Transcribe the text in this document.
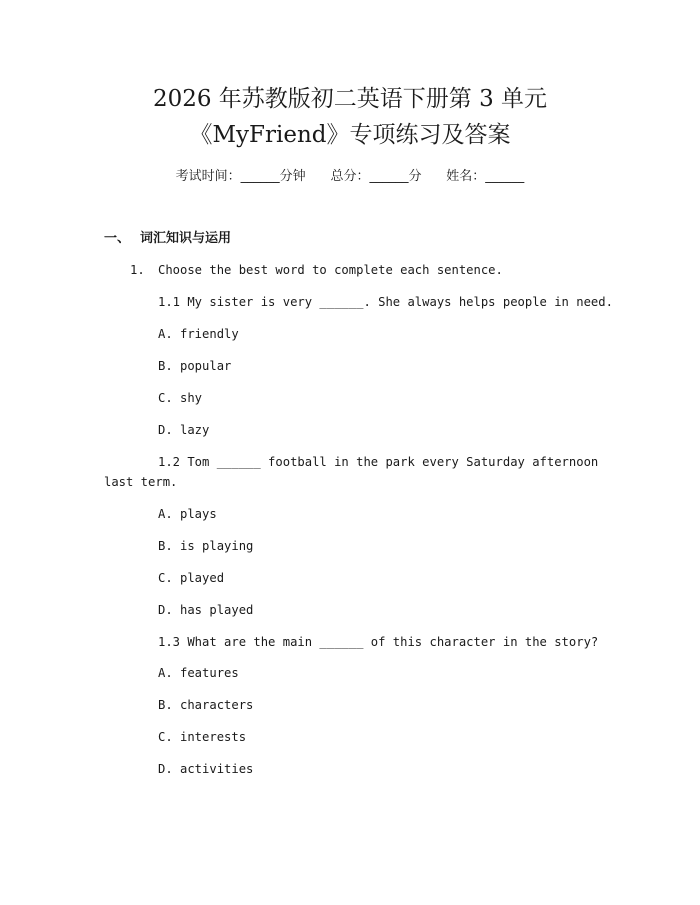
2026 年苏教版初二英语下册第 3 单元
《MyFriend》专项练习及答案
考试时间：______分钟 总分：______分 姓名：______
一、 词汇知识与运用
1. Choose the best word to complete each sentence.
1.1 My sister is very ______. She always helps people in need.
A. friendly
B. popular
C. shy
D. lazy
1.2 Tom ______ football in the park every Saturday afternoon
last term.
A. plays
B. is playing
C. played
D. has played
1.3 What are the main ______ of this character in the story?
A. features
B. characters
C. interests
D. activities
